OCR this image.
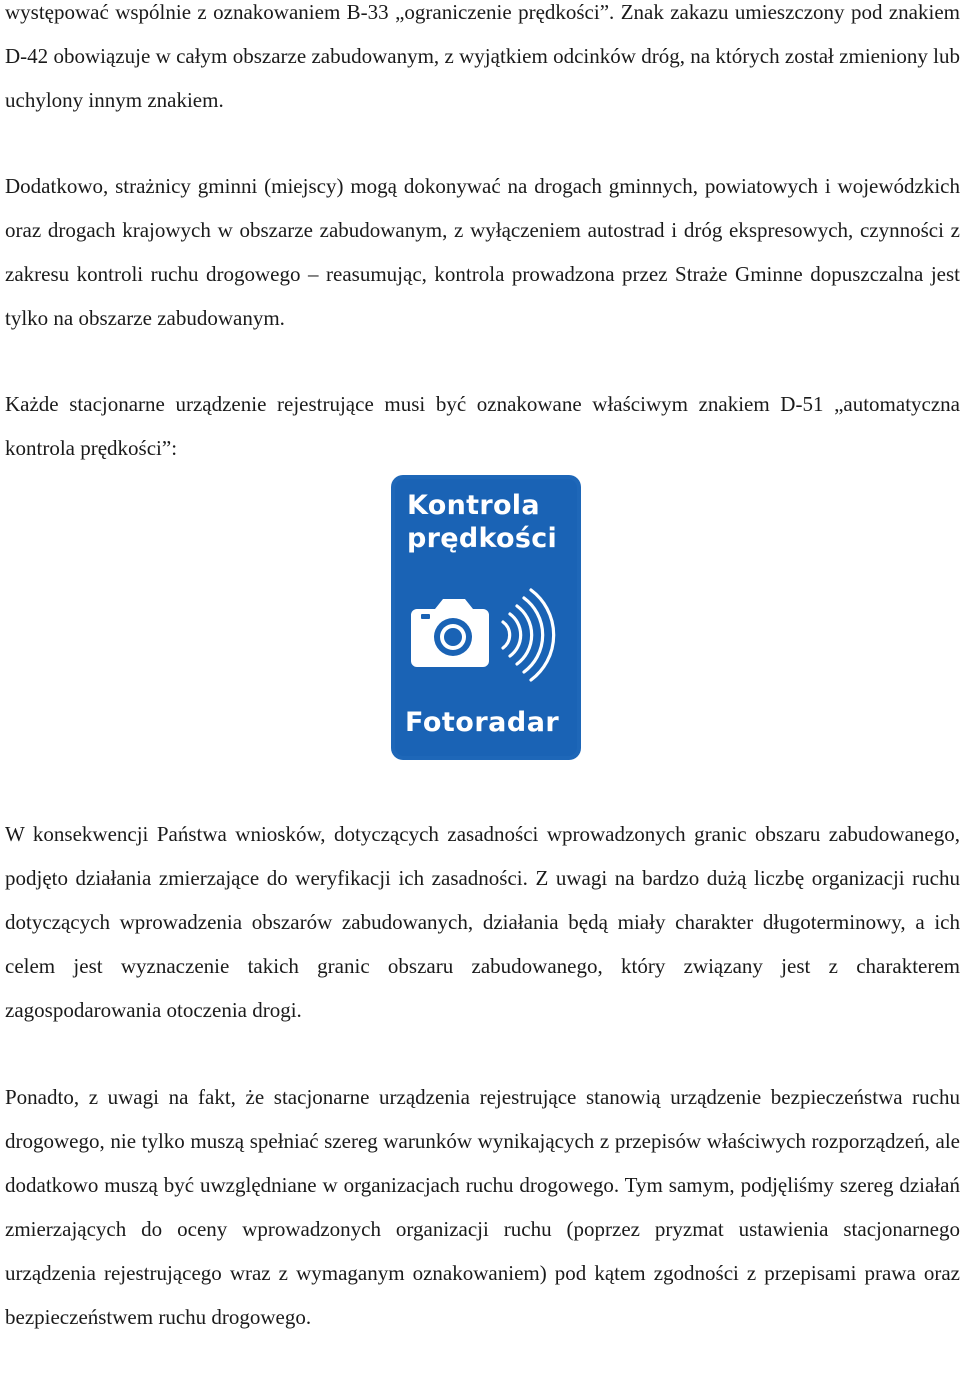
występować wspólnie z oznakowaniem B-33 „ograniczenie prędkości”. Znak zakazu umieszczony pod znakiem D-42 obowiązuje w całym obszarze zabudowanym, z wyjątkiem odcinków dróg, na których został zmieniony lub uchylony innym znakiem.

Dodatkowo, strażnicy gminni (miejscy) mogą dokonywać na drogach gminnych, powiatowych i wojewódzkich oraz drogach krajowych w obszarze zabudowanym, z wyłączeniem autostrad i dróg ekspresowych, czynności z zakresu kontroli ruchu drogowego – reasumując, kontrola prowadzona przez Straże Gminne dopuszczalna jest tylko na obszarze zabudowanym.

Każde stacjonarne urządzenie rejestrujące musi być oznakowane właściwym znakiem D-51 „automatyczna kontrola prędkości”:

Kontrola
prędkości
Fotoradar

W konsekwencji Państwa wniosków, dotyczących zasadności wprowadzonych granic obszaru zabudowanego, podjęto działania zmierzające do weryfikacji ich zasadności. Z uwagi na bardzo dużą liczbę organizacji ruchu dotyczących wprowadzenia obszarów zabudowanych, działania będą miały charakter długoterminowy, a ich celem jest wyznaczenie takich granic obszaru zabudowanego, który związany jest z charakterem zagospodarowania otoczenia drogi.

Ponadto, z uwagi na fakt, że stacjonarne urządzenia rejestrujące stanowią urządzenie bezpieczeństwa ruchu drogowego, nie tylko muszą spełniać szereg warunków wynikających z przepisów właściwych rozporządzeń, ale dodatkowo muszą być uwzględniane w organizacjach ruchu drogowego. Tym samym, podjęliśmy szereg działań zmierzających do oceny wprowadzonych organizacji ruchu (poprzez pryzmat ustawienia stacjonarnego urządzenia rejestrującego wraz z wymaganym oznakowaniem) pod kątem zgodności z przepisami prawa oraz bezpieczeństwem ruchu drogowego.
